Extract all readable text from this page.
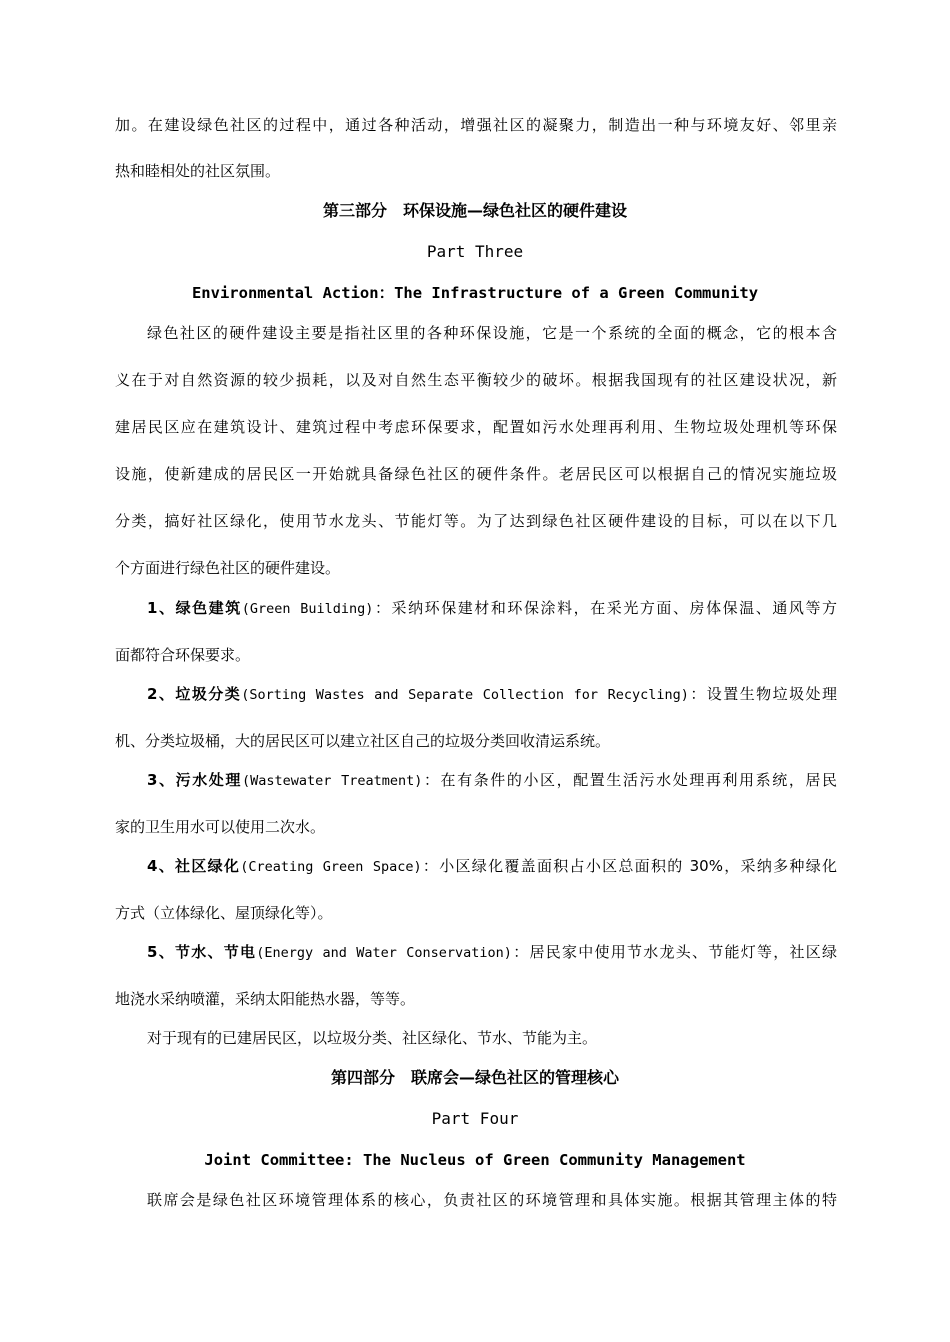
加。在建设绿色社区的过程中，通过各种活动，增强社区的凝聚力，制造出一种与环境友好、邻里亲
热和睦相处的社区氛围。
第三部分　环保设施—绿色社区的硬件建设
Part Three
Environmental Action：The Infrastructure of a Green Community
绿色社区的硬件建设主要是指社区里的各种环保设施，它是一个系统的全面的概念，它的根本含
义在于对自然资源的较少损耗，以及对自然生态平衡较少的破坏。根据我国现有的社区建设状况，新
建居民区应在建筑设计、建筑过程中考虑环保要求，配置如污水处理再利用、生物垃圾处理机等环保
设施，使新建成的居民区一开始就具备绿色社区的硬件条件。老居民区可以根据自己的情况实施垃圾
分类，搞好社区绿化，使用节水龙头、节能灯等。为了达到绿色社区硬件建设的目标，可以在以下几
个方面进行绿色社区的硬件建设。
1、绿色建筑(Green Building)：采纳环保建材和环保涂料，在采光方面、房体保温、通风等方
面都符合环保要求。
2、垃圾分类(Sorting Wastes and Separate Collection for Recycling)：设置生物垃圾处理
机、分类垃圾桶，大的居民区可以建立社区自己的垃圾分类回收清运系统。
3、污水处理(Wastewater Treatment)：在有条件的小区，配置生活污水处理再利用系统，居民
家的卫生用水可以使用二次水。
4、社区绿化(Creating Green Space)：小区绿化覆盖面积占小区总面积的 30%，采纳多种绿化
方式（立体绿化、屋顶绿化等）。
5、节水、节电(Energy and Water Conservation)：居民家中使用节水龙头、节能灯等，社区绿
地浇水采纳喷灌，采纳太阳能热水器，等等。
对于现有的已建居民区，以垃圾分类、社区绿化、节水、节能为主。
第四部分　联席会—绿色社区的管理核心
Part Four
Joint Committee: The Nucleus of Green Community Management
联席会是绿色社区环境管理体系的核心，负责社区的环境管理和具体实施。根据其管理主体的特
